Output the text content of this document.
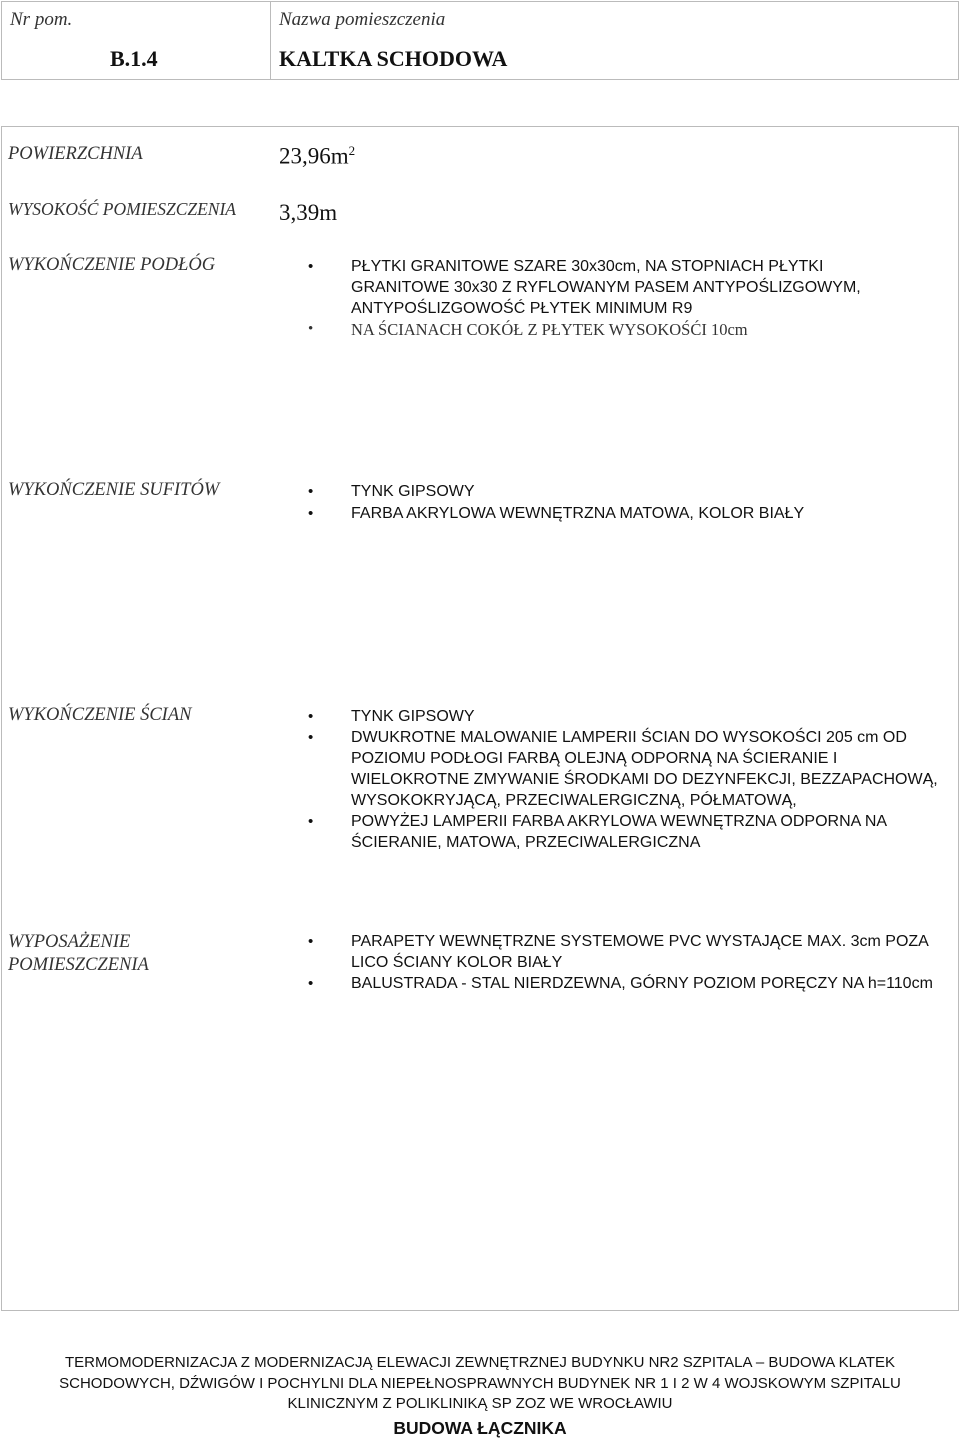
Nr pom.	Nazwa pomieszczenia
B.1.4	KALTKA SCHODOWA
POWIERZCHNIA	$23,96m^2$
WYSOKOŚĆ POMIESZCZENIA 3,39m
WYKOŃCZENIE PODŁÓG	• PŁYTKI GRANITOWE SZARE 30x30cm, NA STOPNIACH PŁYTKI GRANITOWE 30x30 Z RYFLOWANYM PASEM ANTYPOŚLIZGOWYM, ANTYPOŚLIZGOWOŚĆ PŁYTEK MINIMUM R9
• NA ŚCIANACH COKÓŁ Z PŁYTEK WYSOKOŚĆI 10cm
WYKOŃCZENIE SUFITÓW	• TYNK GIPSOWY
• FARBA AKRYLOWA WEWNĘTRZNA MATOWA, KOLOR BIAŁY
WYKOŃCZENIE ŚCIAN	• TYNK GIPSOWY
• DWUKROTNE MALOWANIE LAMPERII ŚCIAN DO WYSOKOŚCI 205 cm OD POZIOMU PODŁOGI FARBĄ OLEJNĄ ODPORNĄ NA ŚCIERANIE I WIELOKROTNE ZMYWANIE ŚRODKAMI DO DEZYNFEKCJI, BEZZAPACHOWĄ, WYSOKOKRYJĄCĄ, PRZECIWALERGICZNĄ, PÓŁMATOWĄ,
• POWYŻEJ LAMPERII FARBA AKRYLOWA WEWNĘTRZNA ODPORNA NA ŚCIERANIE, MATOWA, PRZECIWALERGICZNA
WYPOSAŻENIE
POMIESZCZENIA
• PARAPETY WEWNĘTRZNE SYSTEMOWE PVC WYSTAJĄCE MAX. 3cm POZA LICO ŚCIANY KOLOR BIAŁY
• BALUSTRADA - STAL NIERDZEWNA, GÓRNY POZIOM PORĘCZY NA h=110cm
TERMOMODERNIZACJA Z MODERNIZACJĄ ELEWACJI ZEWNĘTRZNEJ BUDYNKU NR2 SZPITALA – BUDOWA KLATEK
SCHODOWYCH, DŹWIGÓW I POCHYLNI DLA NIEPEŁNOSPRAWNYCH BUDYNEK NR 1 I 2 W 4 WOJSKOWYM SZPITALU
KLINICZNYM Z POLIKLINIKĄ SP ZOZ WE WROCŁAWIU
BUDOWA ŁĄCZNIKA
